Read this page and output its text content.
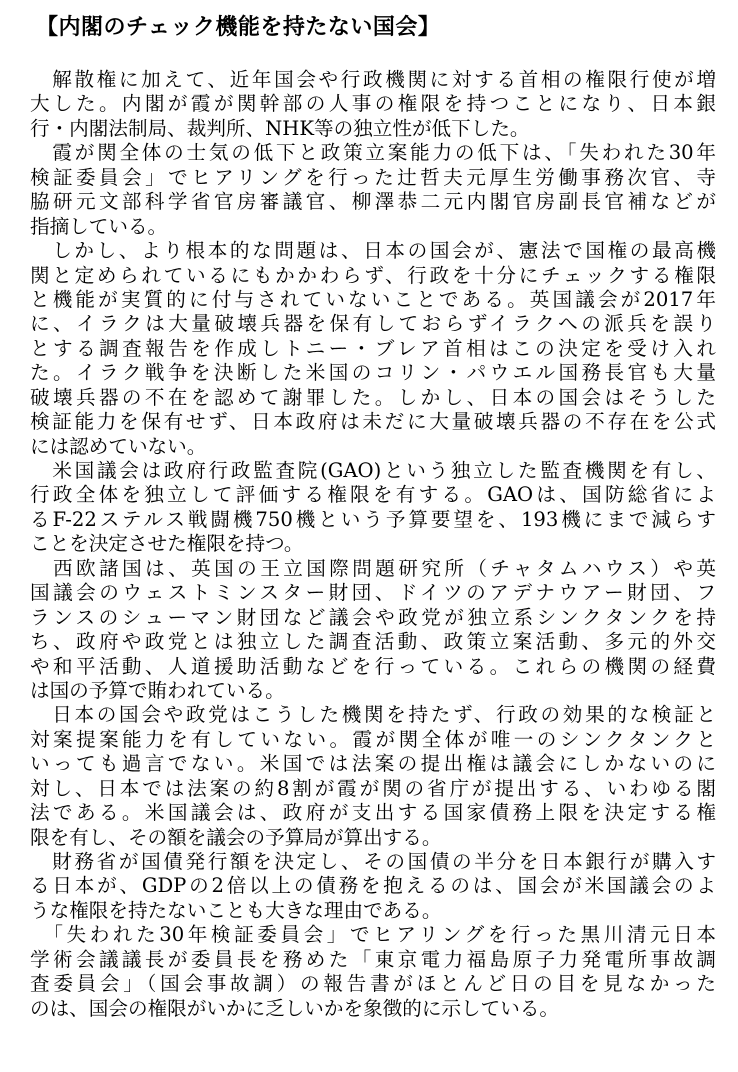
【内閣のチェック機能を持たない国会】
　解散権に加えて、近年国会や行政機関に対する首相の権限行使が増
大した。内閣が霞が関幹部の人事の権限を持つことになり、日本銀
行・内閣法制局、裁判所、NHK等の独立性が低下した。
　霞が関全体の士気の低下と政策立案能力の低下は、「失われた30年
検証委員会」でヒアリングを行った辻哲夫元厚生労働事務次官、寺
脇研元文部科学省官房審議官、柳澤恭二元内閣官房副長官補などが
指摘している。
　しかし、より根本的な問題は、日本の国会が、憲法で国権の最高機
関と定められているにもかかわらず、行政を十分にチェックする権限
と機能が実質的に付与されていないことである。英国議会が2017年
に、イラクは大量破壊兵器を保有しておらずイラクへの派兵を誤り
とする調査報告を作成しトニー・ブレア首相はこの決定を受け入れ
た。イラク戦争を決断した米国のコリン・パウエル国務長官も大量
破壊兵器の不在を認めて謝罪した。しかし、日本の国会はそうした
検証能力を保有せず、日本政府は未だに大量破壊兵器の不存在を公式
には認めていない。
　米国議会は政府行政監査院(GAO)という独立した監査機関を有し、
行政全体を独立して評価する権限を有する。GAOは、国防総省によ
るF-22ステルス戦闘機750機という予算要望を、193機にまで減らす
ことを決定させた権限を持つ。
　西欧諸国は、英国の王立国際問題研究所（チャタムハウス）や英
国議会のウェストミンスター財団、ドイツのアデナウアー財団、フ
ランスのシューマン財団など議会や政党が独立系シンクタンクを持
ち、政府や政党とは独立した調査活動、政策立案活動、多元的外交
や和平活動、人道援助活動などを行っている。これらの機関の経費
は国の予算で賄われている。
　日本の国会や政党はこうした機関を持たず、行政の効果的な検証と
対案提案能力を有していない。霞が関全体が唯一のシンクタンクと
いっても過言でない。米国では法案の提出権は議会にしかないのに
対し、日本では法案の約8割が霞が関の省庁が提出する、いわゆる閣
法である。米国議会は、政府が支出する国家債務上限を決定する権
限を有し、その額を議会の予算局が算出する。
　財務省が国債発行額を決定し、その国債の半分を日本銀行が購入す
る日本が、GDPの2倍以上の債務を抱えるのは、国会が米国議会のよ
うな権限を持たないことも大きな理由である。
　「失われた30年検証委員会」でヒアリングを行った黒川清元日本
学術会議議長が委員長を務めた「東京電力福島原子力発電所事故調
査委員会」（国会事故調）の報告書がほとんど日の目を見なかった
のは、国会の権限がいかに乏しいかを象徴的に示している。
